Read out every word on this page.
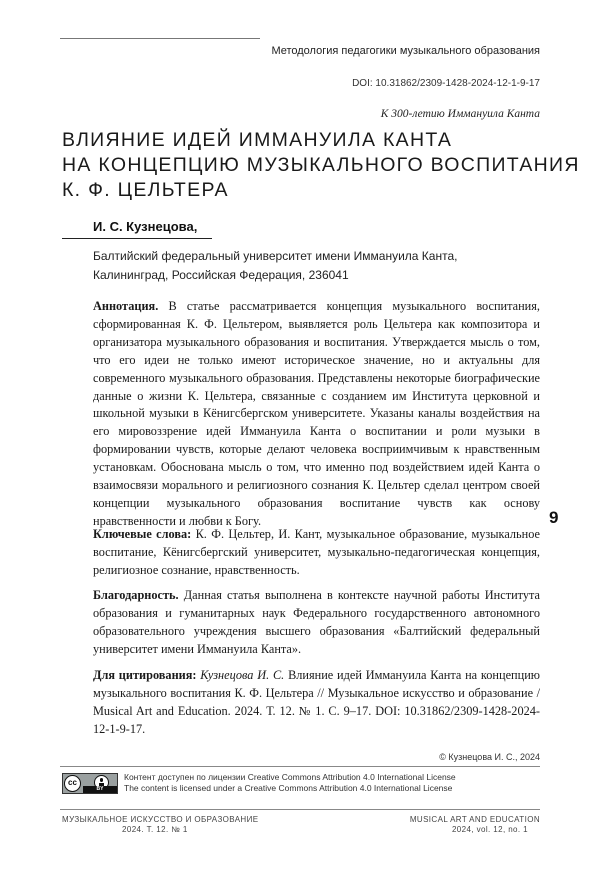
Методология педагогики музыкального образования
DOI: 10.31862/2309-1428-2024-12-1-9-17
К 300-летию Иммануила Канта
ВЛИЯНИЕ ИДЕЙ ИММАНУИЛА КАНТА
НА КОНЦЕПЦИЮ МУЗЫКАЛЬНОГО ВОСПИТАНИЯ
К. Ф. ЦЕЛЬТЕРА
И. С. Кузнецова,
Балтийский федеральный университет имени Иммануила Канта,
Калининград, Российская Федерация, 236041
Аннотация. В статье рассматривается концепция музыкального воспитания, сформированная К. Ф. Цельтером, выявляется роль Цельтера как композитора и организатора музыкального образования и воспитания. Утверждается мысль о том, что его идеи не только имеют историческое значение, но и актуальны для современного музыкального образования. Представлены некоторые биографические данные о жизни К. Цельтера, связанные с созданием им Института церковной и школьной музыки в Кёнигсбергском университете. Указаны каналы воздействия на его мировоззрение идей Иммануила Канта о воспитании и роли музыки в формировании чувств, которые делают человека восприимчивым к нравственным установкам. Обоснована мысль о том, что именно под воздействием идей Канта о взаимосвязи морального и религиозного сознания К. Цельтер сделал центром своей концепции музыкального образования воспитание чувств как основу нравственности и любви к Богу.
Ключевые слова: К. Ф. Цельтер, И. Кант, музыкальное образование, музыкальное воспитание, Кёнигсбергский университет, музыкально-педагогическая концепция, религиозное сознание, нравственность.
Благодарность. Данная статья выполнена в контексте научной работы Института образования и гуманитарных наук Федерального государственного автономного образовательного учреждения высшего образования «Балтийский федеральный университет имени Иммануила Канта».
Для цитирования: Кузнецова И. С. Влияние идей Иммануила Канта на концепцию музыкального воспитания К. Ф. Цельтера // Музыкальное искусство и образование / Musical Art and Education. 2024. Т. 12. № 1. С. 9–17. DOI: 10.31862/2309-1428-2024-12-1-9-17.
9
© Кузнецова И. С., 2024
cc
BY
Контент доступен по лицензии Creative Commons Attribution 4.0 International License
The content is licensed under a Creative Commons Attribution 4.0 International License
МУЗЫКАЛЬНОЕ ИСКУССТВО И ОБРАЗОВАНИЕ
2024. Т. 12. № 1
MUSICAL ART AND EDUCATION
2024, vol. 12, no. 1
